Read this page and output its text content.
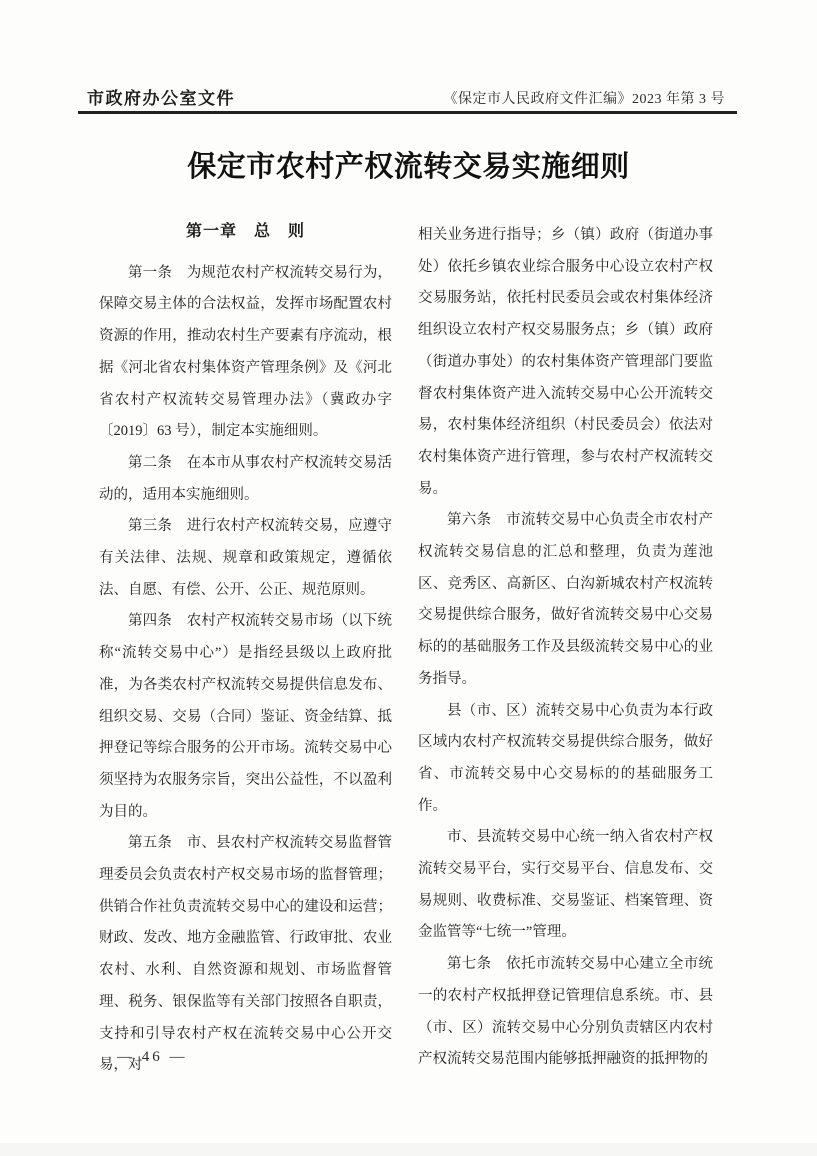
市政府办公室文件	《保定市人民政府文件汇编》2023 年第 3 号
保定市农村产权流转交易实施细则
第一章　总　则

第一条　为规范农村产权流转交易行为，保障交易主体的合法权益，发挥市场配置农村资源的作用，推动农村生产要素有序流动，根据《河北省农村集体资产管理条例》及《河北省农村产权流转交易管理办法》（冀政办字〔2019〕63 号），制定本实施细则。

第二条　在本市从事农村产权流转交易活动的，适用本实施细则。

第三条　进行农村产权流转交易，应遵守有关法律、法规、规章和政策规定，遵循依法、自愿、有偿、公开、公正、规范原则。

第四条　农村产权流转交易市场（以下统称“流转交易中心”）是指经县级以上政府批准，为各类农村产权流转交易提供信息发布、组织交易、交易（合同）鉴证、资金结算、抵押登记等综合服务的公开市场。流转交易中心须坚持为农服务宗旨，突出公益性，不以盈利为目的。

第五条　市、县农村产权流转交易监督管理委员会负责农村产权交易市场的监督管理；供销合作社负责流转交易中心的建设和运营；财政、发改、地方金融监管、行政审批、农业农村、水利、自然资源和规划、市场监督管理、税务、银保监等有关部门按照各自职责，支持和引导农村产权在流转交易中心公开交易，对

相关业务进行指导；乡（镇）政府（街道办事处）依托乡镇农业综合服务中心设立农村产权交易服务站，依托村民委员会或农村集体经济组织设立农村产权交易服务点；乡（镇）政府（街道办事处）的农村集体资产管理部门要监督农村集体资产进入流转交易中心公开流转交易，农村集体经济组织（村民委员会）依法对农村集体资产进行管理，参与农村产权流转交易。

第六条　市流转交易中心负责全市农村产权流转交易信息的汇总和整理，负责为莲池区、竞秀区、高新区、白沟新城农村产权流转交易提供综合服务，做好省流转交易中心交易标的的基础服务工作及县级流转交易中心的业务指导。

县（市、区）流转交易中心负责为本行政区域内农村产权流转交易提供综合服务，做好省、市流转交易中心交易标的的基础服务工作。

市、县流转交易中心统一纳入省农村产权流转交易平台，实行交易平台、信息发布、交易规则、收费标准、交易鉴证、档案管理、资金监管等“七统一”管理。

第七条　依托市流转交易中心建立全市统一的农村产权抵押登记管理信息系统。市、县（市、区）流转交易中心分别负责辖区内农村产权流转交易范围内能够抵押融资的抵押物的

— 46 —
